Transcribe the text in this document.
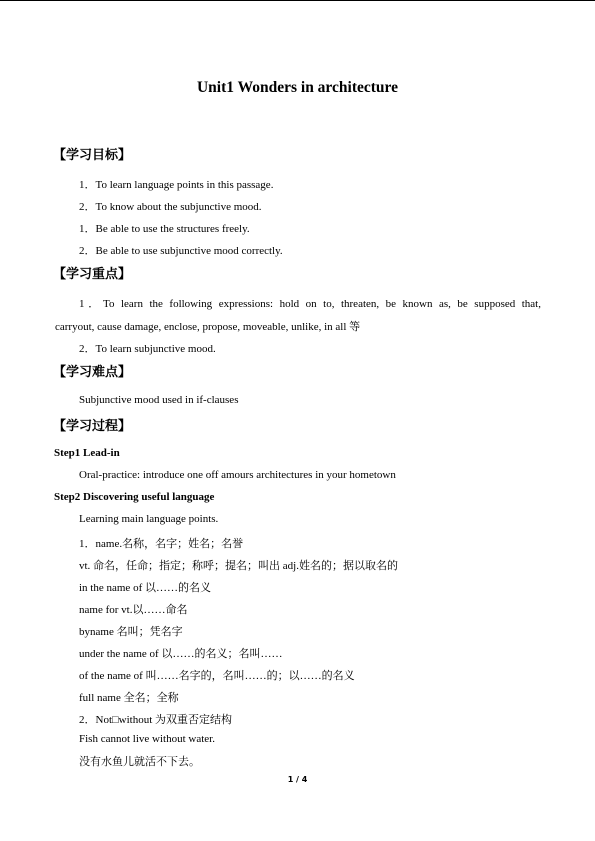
Unit1 Wonders in architecture
【学习目标】
1．To learn language points in this passage.
2．To know about the subjunctive mood.
1．Be able to use the structures freely.
2．Be able to use subjunctive mood correctly.
【学习重点】
1．To learn the following expressions: hold on to, threaten, be known as, be supposed that,
carryout, cause damage, enclose, propose, moveable, unlike, in all 等
2．To learn subjunctive mood.
【学习难点】
Subjunctive mood used in if-clauses
【学习过程】
Step1 Lead-in
Oral-practice: introduce one off amours architectures in your hometown
Step2 Discovering useful language
Learning main language points.
1．name.名称，名字；姓名；名誉
vt. 命名，任命；指定；称呼；提名；叫出 adj.姓名的；据以取名的
in the name of 以……的名义
name for vt.以……命名
byname 名叫；凭名字
under the name of 以……的名义；名叫……
of the name of 叫……名字的，名叫……的；以……的名义
full name 全名；全称
2．Not□without 为双重否定结构
Fish cannot live without water.
没有水鱼儿就活不下去。
1 / 4
